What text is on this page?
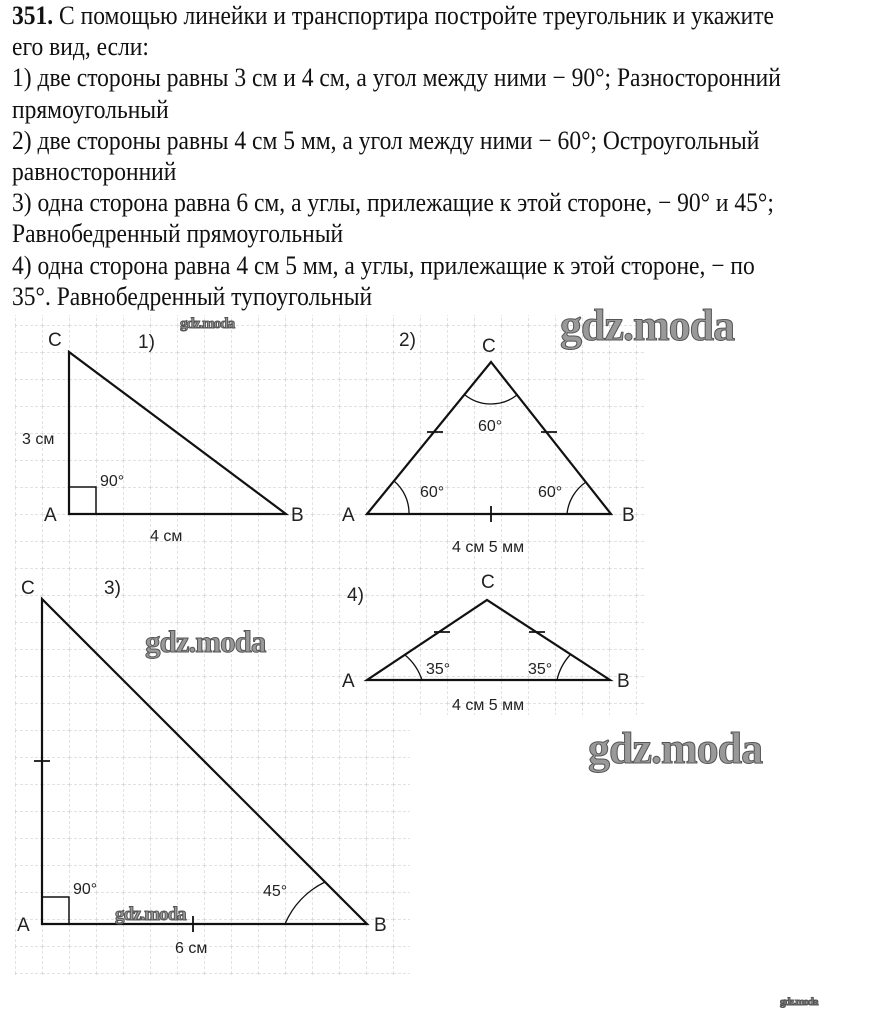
351. С помощью линейки и транспортира постройте треугольник и укажите
его вид, если:
1) две стороны равны 3 см и 4 см, а угол между ними − 90°; Разносторонний
прямоугольный
2) две стороны равны 4 см 5 мм, а угол между ними − 60°; Остроугольный
равносторонний
3) одна сторона равна 6 см, а углы, прилежащие к этой стороне, − 90° и 45°;
Равнобедренный прямоугольный
4) одна сторона равна 4 см 5 мм, а углы, прилежащие к этой стороне, − по
35°. Равнобедренный тупоугольный
C	1)
3 см
90°
A	B
4 см
2)	C
60°
60°	60°
A	B
4 см 5 мм
C	3)
90°	45°
A	B
6 см
4)
C
35°	35°
A	B
4 см 5 мм
gdz.moda
gdz.moda
gdz.moda
gdz.moda
gdz.moda
gdz.moda
